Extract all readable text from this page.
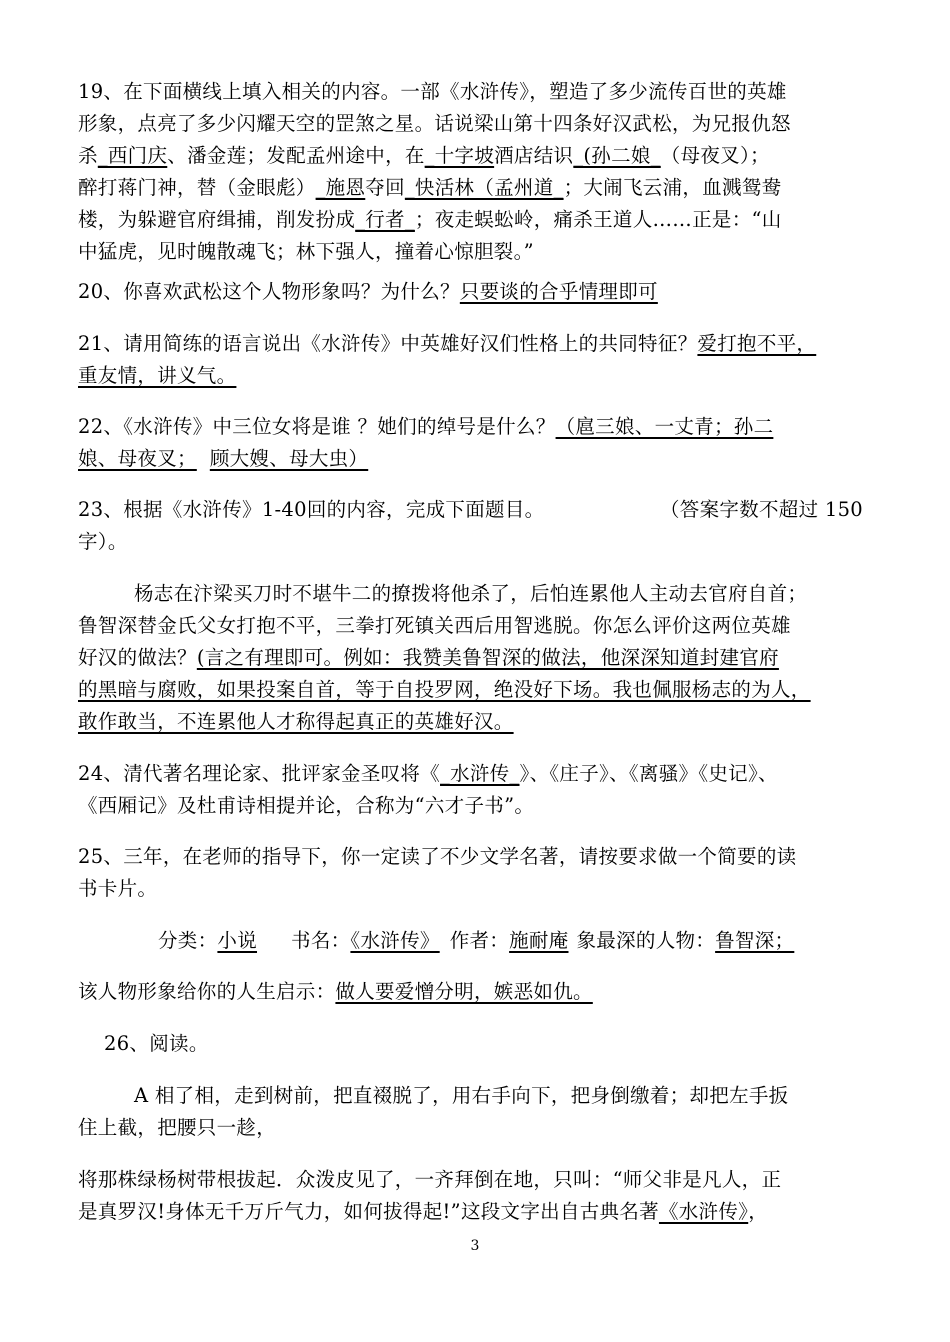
19、在下面横线上填入相关的内容。一部《水浒传》，塑造了多少流传百世的英雄
形象，点亮了多少闪耀天空的罡煞之星。话说梁山第十四条好汉武松，为兄报仇怒
杀_西门庆、潘金莲；发配孟州途中，在_十字坡酒店结识_(孙二娘_（母夜叉）；
醉打蒋门神，替（金眼彪）_施恩夺回_快活林（孟州道_；大闹飞云浦，血溅鸳鸯
楼，为躲避官府缉捕，削发扮成_行者_；夜走蜈蚣岭，痛杀王道人……正是：“山
中猛虎，见时魄散魂飞；林下强人，撞着心惊胆裂。”
20、你喜欢武松这个人物形象吗？为什么？只要谈的合乎情理即可
21、请用简练的语言说出《水浒传》中英雄好汉们性格上的共同特征？爱打抱不平，
重友情，讲义气。
22、《水浒传》中三位女将是谁 ？她们的绰号是什么？（扈三娘、一丈青；孙二
娘、母夜叉； 顾大嫂、母大虫）
23、根据《水浒传》1-40回的内容，完成下面题目。	（答案字数不超过 150
字）。
杨志在汴梁买刀时不堪牛二的撩拨将他杀了，后怕连累他人主动去官府自首；
鲁智深替金氏父女打抱不平，三拳打死镇关西后用智逃脱。你怎么评价这两位英雄
好汉的做法？(言之有理即可。例如：我赞美鲁智深的做法，他深深知道封建官府
的黑暗与腐败，如果投案自首，等于自投罗网，绝没好下场。我也佩服杨志的为人，
敢作敢当，不连累他人才称得起真正的英雄好汉。
24、清代著名理论家、批评家金圣叹将《_水浒传_》、《庄子》、《离骚》《史记》、
《西厢记》及杜甫诗相提并论，合称为“六才子书”。
25、三年，在老师的指导下，你一定读了不少文学名著，请按要求做一个简要的读
书卡片。
分类：小说 书名：《水浒传》 作者：施耐庵 象最深的人物：鲁智深；
该人物形象给你的人生启示：做人要爱憎分明，嫉恶如仇。
26、阅读。
A 相了相，走到树前，把直裰脱了，用右手向下，把身倒缴着；却把左手扳
住上截，把腰只一趁，
将那株绿杨树带根拔起．众泼皮见了，一齐拜倒在地，只叫：“师父非是凡人，正
是真罗汉!身体无千万斤气力，如何拔得起!”这段文字出自古典名著《水浒传》，
3
